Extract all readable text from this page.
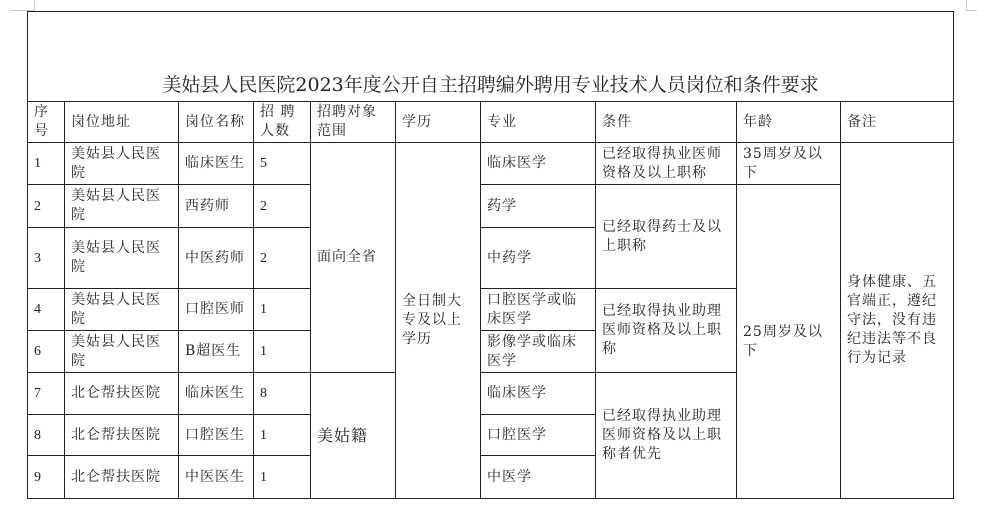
美姑县人民医院2023年度公开自主招聘编外聘用专业技术人员岗位和条件要求									
序号	岗位地址	岗位名称	招 聘人数	招聘对象范围	学历	专业	条件	年龄	备注
1	美姑县人民医院	临床医生	5	面向全省	全日制大专及以上学历	临床医学	已经取得执业医师资格及以上职称	35周岁及以下	身体健康、五官端正，遵纪守法，没有违纪违法等不良行为记录
2	美姑县人民医院	西药师	2			药学	已经取得药士及以上职称	25周岁及以下	
3	美姑县人民医院	中医药师	2			中药学			
4	美姑县人民医院	口腔医师	1			口腔医学或临床医学	已经取得执业助理医师资格及以上职称		
6	美姑县人民医院	B超医生	1			影像学或临床医学			
7	北仑帮扶医院	临床医生	8	美姑籍		临床医学	已经取得执业助理医师资格及以上职称者优先		
8	北仑帮扶医院	口腔医生	1			口腔医学			
9	北仑帮扶医院	中医医生	1			中医学			
